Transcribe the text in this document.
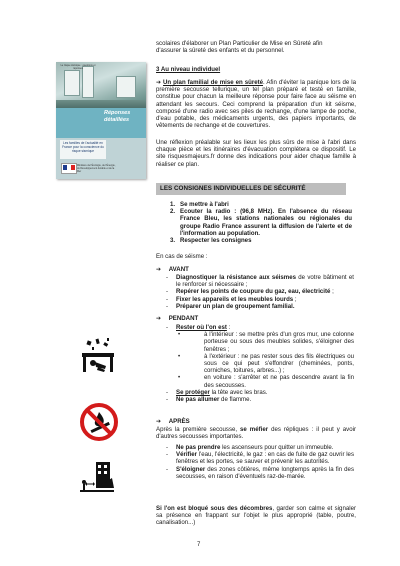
scolaires d'élaborer un Plan Particulier de Mise en Sûreté afin
d'assurer la sûreté des enfants et du personnel.
3 Au niveau individuel
➔ Un plan familial de mise en sûreté. Afin d'éviter la panique lors de la première secousse tellurique, un tel plan préparé et testé en famille, constitue pour chacun la meilleure réponse pour faire face au séisme en attendant les secours. Ceci comprend la préparation d'un kit séisme, composé d'une radio avec ses piles de rechange, d'une lampe de poche, d'eau potable, des médicaments urgents, des papiers importants, de vêtements de rechange et de couvertures.
Une réflexion préalable sur les lieux les plus sûrs de mise à l'abri dans chaque pièce et les itinéraires d'évacuation complétera ce dispositif. Le site risquesmajeurs.fr donne des indications pour aider chaque famille à réaliser ce plan.
Le risque sismique : questions et réponses
Réponses détaillées
Les familles de l'actualité en France pour la conscience du risque sismique
Ministère de l'Écologie, de l'Énergie, du Développement durable et de la Mer
LES CONSIGNES INDIVIDUELLES DE SÉCURITÉ
1. Se mettre à l'abri
2. Ecouter la radio : (96,8 MHz). En l'absence du réseau France Bleu, les stations nationales ou régionales du groupe Radio France assurent la diffusion de l'alerte et de l'information au population.
3. Respecter les consignes
En cas de séisme :
➔ AVANT
- Diagnostiquer la résistance aux séismes de votre bâtiment et le renforcer si nécessaire ;
- Repérer les points de coupure du gaz, eau, électricité ;
- Fixer les appareils et les meubles lourds ;
- Préparer un plan de groupement familial.
➔ PENDANT
- Rester où l'on est :
•	à l'intérieur : se mettre près d'un gros mur, une colonne porteuse ou sous des meubles solides, s'éloigner des fenêtres ;
•	à l'extérieur : ne pas rester sous des fils électriques ou sous ce qui peut s'effondrer (cheminées, ponts, corniches, toitures, arbres...) ;
•	en voiture : s'arrêter et ne pas descendre avant la fin des secousses.
- Se protéger la tête avec les bras.
- Ne pas allumer de flamme.
➔ APRÈS
Après la première secousse, se méfier des répliques : il peut y avoir d'autres secousses importantes.
- Ne pas prendre les ascenseurs pour quitter un immeuble.
- Vérifier l'eau, l'électricité, le gaz : en cas de fuite de gaz ouvrir les fenêtres et les portes, se sauver et prévenir les autorités.
- S'éloigner des zones côtières, même longtemps après la fin des secousses, en raison d'éventuels raz-de-marée.
Si l'on est bloqué sous des décombres, garder son calme et signaler sa présence en frappant sur l'objet le plus approprié (table, poutre, canalisation...)
7
